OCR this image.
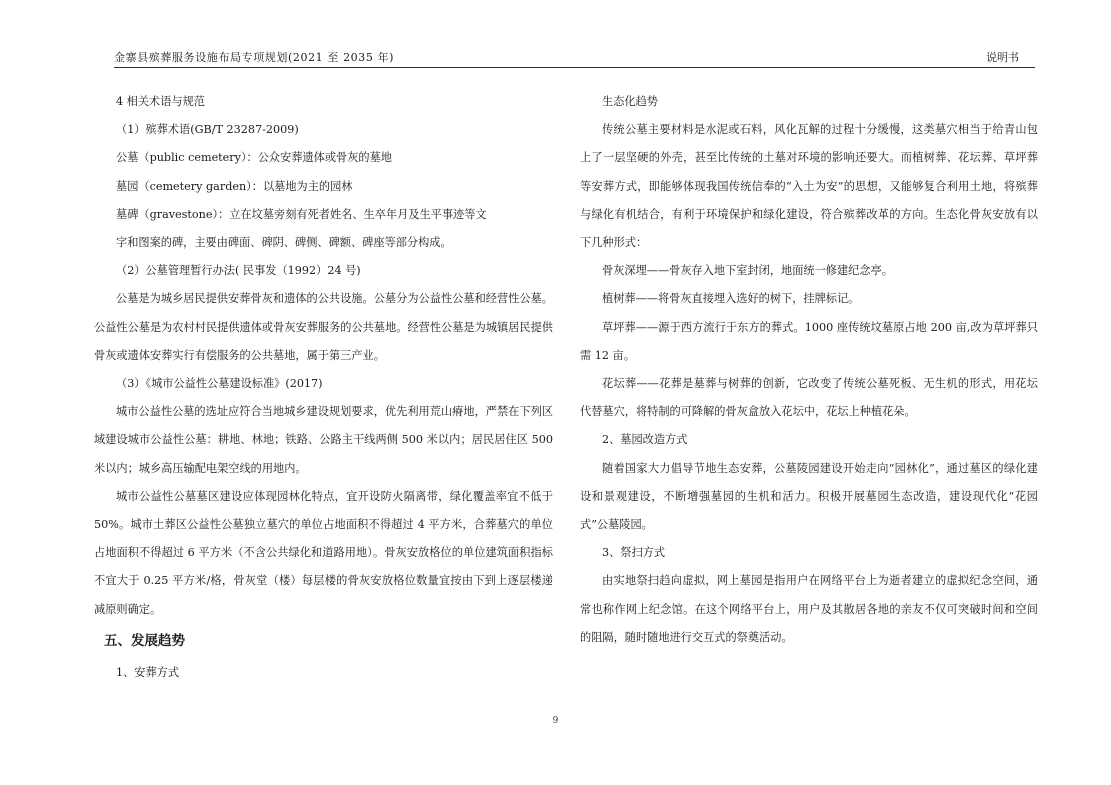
金寨县殡葬服务设施布局专项规划(2021 至 2035 年)	说明书

4 相关术语与规范

（1）殡葬术语(GB/T 23287-2009)

公墓（public cemetery）：公众安葬遗体或骨灰的墓地

墓园（cemetery garden）：以墓地为主的园林

墓碑（gravestone）：立在坟墓旁刻有死者姓名、生卒年月及生平事迹等文

字和图案的碑，主要由碑面、碑阴、碑侧、碑额、碑座等部分构成。

（2）公墓管理暂行办法( 民事发（1992）24 号)

公墓是为城乡居民提供安葬骨灰和遗体的公共设施。公墓分为公益性公墓和经营性公墓。公益性公墓是为农村村民提供遗体或骨灰安葬服务的公共墓地。经营性公墓是为城镇居民提供骨灰或遗体安葬实行有偿服务的公共墓地，属于第三产业。

（3）《城市公益性公墓建设标准》(2017)

城市公益性公墓的选址应符合当地城乡建设规划要求，优先利用荒山瘠地，严禁在下列区域建设城市公益性公墓：耕地、林地；铁路、公路主干线两侧 500 米以内；居民居住区 500 米以内；城乡高压输配电架空线的用地内。

城市公益性公墓墓区建设应体现园林化特点，宜开设防火隔离带，绿化覆盖率宜不低于 50%。城市土葬区公益性公墓独立墓穴的单位占地面积不得超过 4 平方米，合葬墓穴的单位占地面积不得超过 6 平方米（不含公共绿化和道路用地）。骨灰安放格位的单位建筑面积指标不宜大于 0.25 平方米/格，骨灰堂（楼）每层楼的骨灰安放格位数量宜按由下到上逐层楼递减原则确定。

五、发展趋势

1、安葬方式

生态化趋势

传统公墓主要材料是水泥或石料，风化瓦解的过程十分缓慢，这类墓穴相当于给青山包上了一层坚硬的外壳，甚至比传统的土墓对环境的影响还要大。而植树葬、花坛葬、草坪葬等安葬方式，即能够体现我国传统信奉的“入土为安”的思想，又能够复合利用土地，将殡葬与绿化有机结合，有利于环境保护和绿化建设，符合殡葬改革的方向。生态化骨灰安放有以下几种形式：

骨灰深埋——骨灰存入地下室封闭，地面统一修建纪念亭。

植树葬——将骨灰直接埋入选好的树下，挂牌标记。

草坪葬——源于西方流行于东方的葬式。1000 座传统坟墓原占地 200 亩,改为草坪葬只需 12 亩。

花坛葬——花葬是墓葬与树葬的创新，它改变了传统公墓死板、无生机的形式，用花坛代替墓穴，将特制的可降解的骨灰盒放入花坛中，花坛上种植花朵。

2、墓园改造方式

随着国家大力倡导节地生态安葬，公墓陵园建设开始走向“园林化”，通过墓区的绿化建设和景观建设，不断增强墓园的生机和活力。积极开展墓园生态改造，建设现代化“花园式”公墓陵园。

3、祭扫方式

由实地祭扫趋向虚拟，网上墓园是指用户在网络平台上为逝者建立的虚拟纪念空间，通常也称作网上纪念馆。在这个网络平台上，用户及其散居各地的亲友不仅可突破时间和空间的阻隔，随时随地进行交互式的祭奠活动。

9
